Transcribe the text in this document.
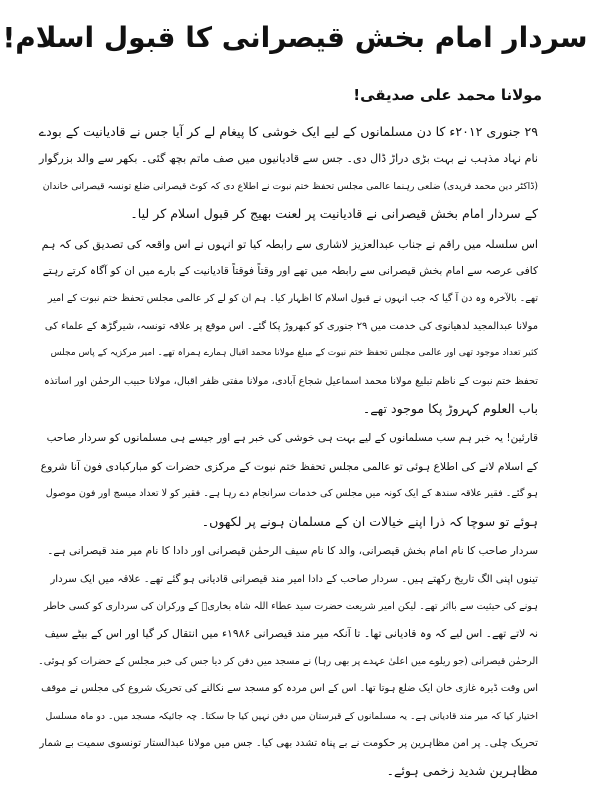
سردار امام بخش قیصرانی کا قبول اسلام!
مولانا محمد علی صدیقی!
۲۹ جنوری ۲۰۱۲ء کا دن مسلمانوں کے لیے ایک خوشی کا پیغام لے کر آیا جس نے قادیانیت کے بودے
نام نہاد مذہب نے بہت بڑی دراڑ ڈال دی۔ جس سے قادیانیوں میں صف ماتم بچھ گئی۔ بکھر سے والد بزرگوار
(ڈاکٹر دین محمد فریدی) ضلعی رہنما عالمی مجلس تحفظ ختم نبوت نے اطلاع دی کہ کوٹ قیصرانی ضلع تونسہ قیصرانی خاندان
کے سردار امام بخش قیصرانی نے قادیانیت پر لعنت بھیج کر قبول اسلام کر لیا۔
اس سلسلہ میں راقم نے جناب عبدالعزیز لاشاری سے رابطہ کیا تو انہوں نے اس واقعہ کی تصدیق کی کہ ہم
کافی عرصہ سے امام بخش قیصرانی سے رابطہ میں تھے اور وقتاً فوقتاً قادیانیت کے بارے میں ان کو آگاہ کرتے رہتے
تھے۔ بالآخرہ وہ دن آ گیا کہ جب انہوں نے قبول اسلام کا اظہار کیا۔ ہم ان کو لے کر عالمی مجلس تحفظ ختم نبوت کے امیر
مولانا عبدالمجید لدھیانوی کی خدمت میں ۲۹ جنوری کو کبھروڑ پکا گئے۔ اس موقع پر علاقہ تونسہ، شیرگڑھ کے علماء کی
کثیر تعداد موجود تھی اور عالمی مجلس تحفظ ختم نبوت کے مبلغ مولانا محمد اقبال ہمارے ہمراہ تھے۔ امیر مرکزیہ کے پاس مجلس
تحفظ ختم نبوت کے ناظم تبلیغ مولانا محمد اسماعیل شجاع آبادی، مولانا مفتی ظفر اقبال، مولانا حبیب الرحمٰن اور اساتذہ
باب العلوم کہروڑ پکا موجود تھے۔
قارئین! یہ خبر ہم سب مسلمانوں کے لیے بہت ہی خوشی کی خبر ہے اور جیسے ہی مسلمانوں کو سردار صاحب
کے اسلام لانے کی اطلاع ہوئی تو عالمی مجلس تحفظ ختم نبوت کے مرکزی حضرات کو مبارکبادی فون آنا شروع
ہو گئے۔ فقیر علاقہ سندھ کے ایک کونہ میں مجلس کی خدمات سرانجام دے رہا ہے۔ فقیر کو لا تعداد میسج اور فون موصول
ہوئے تو سوچا کہ ذرا اپنے خیالات ان کے مسلمان ہونے پر لکھوں۔
سردار صاحب کا نام امام بخش قیصرانی، والد کا نام سیف الرحمٰن قیصرانی اور دادا کا نام میر مند قیصرانی ہے۔
تینوں اپنی الگ تاریخ رکھتے ہیں۔ سردار صاحب کے دادا امیر مند قیصرانی قادیانی ہو گئے تھے۔ علاقہ میں ایک سردار
ہونے کی حیثیت سے بااثر تھے۔ لیکن امیر شریعت حضرت سید عطاء اللہ شاہ بخاریؒ کے ورکران کی سرداری کو کسی خاطر
نہ لاتے تھے۔ اس لیے کہ وہ قادیانی تھا۔ تا آنکہ میر مند قیصرانی ۱۹۸۶ء میں انتقال کر گیا اور اس کے بیٹے سیف
الرحمٰن قیصرانی (جو ریلوے میں اعلیٰ عہدے پر بھی رہا) نے مسجد میں دفن کر دیا جس کی خبر مجلس کے حضرات کو ہوئی۔
اس وقت ڈیرہ غازی خان ایک ضلع ہوتا تھا۔ اس کے اس مردہ کو مسجد سے نکالنے کی تحریک شروع کی مجلس نے موقف
اختیار کیا کہ میر مند قادیانی ہے۔ یہ مسلمانوں کے قبرستان میں دفن نہیں کیا جا سکتا۔ چہ جائیکہ مسجد میں۔ دو ماہ مسلسل
تحریک چلی۔ پر امن مظاہرین پر حکومت نے بے پناہ تشدد بھی کیا۔ جس میں مولانا عبدالستار تونسوی سمیت بے شمار
مظاہرین شدید زخمی ہوئے۔
